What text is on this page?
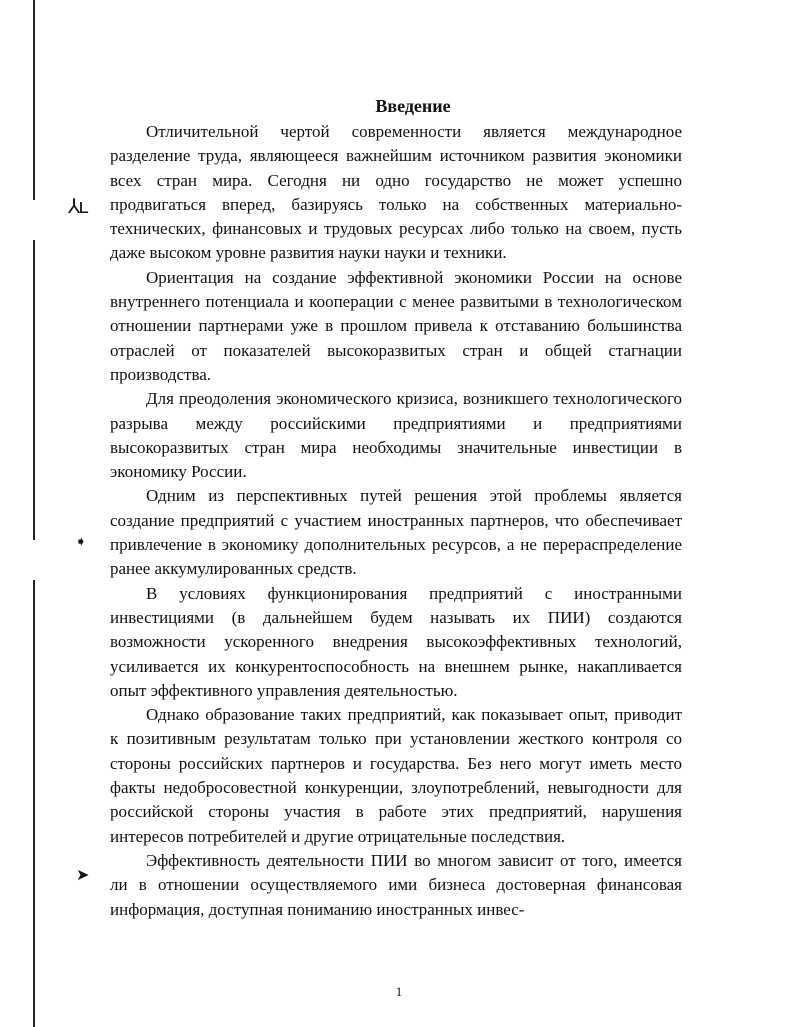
⅄ʟ
➧
➤
Введение

Отличительной чертой современности является международное разделение труда, являющееся важнейшим источником развития экономики всех стран мира. Сегодня ни одно государство не может успешно продвигаться вперед, базируясь только на собственных материально-технических, финансовых и трудовых ресурсах либо только на своем, пусть даже высоком уровне развития науки науки и техники.

Ориентация на создание эффективной экономики России на основе внутреннего потенциала и кооперации с менее развитыми в технологическом отношении партнерами уже в прошлом привела к отставанию большинства отраслей от показателей высокоразвитых стран и общей стагнации производства.

Для преодоления экономического кризиса, возникшего технологического разрыва между российскими предприятиями и предприятиями высокоразвитых стран мира необходимы значительные инвестиции в экономику России.

Одним из перспективных путей решения этой проблемы является создание предприятий с участием иностранных партнеров, что обеспечивает привлечение в экономику дополнительных ресурсов, а не перераспределение ранее аккумулированных средств.

В условиях функционирования предприятий с иностранными инвестициями (в дальнейшем будем называть их ПИИ) создаются возможности ускоренного внедрения высокоэффективных технологий, усиливается их конкурентоспособность на внешнем рынке, накапливается опыт эффективного управления деятельностью.

Однако образование таких предприятий, как показывает опыт, приводит к позитивным результатам только при установлении жесткого контроля со стороны российских партнеров и государства. Без него могут иметь место факты недобросовестной конкуренции, злоупотреблений, невыгодности для российской стороны участия в работе этих предприятий, нарушения интересов потребителей и другие отрицательные последствия.

Эффективность деятельности ПИИ во многом зависит от того, имеется ли в отношении осуществляемого ими бизнеса достоверная финансовая информация, доступная пониманию иностранных инвес-

1
